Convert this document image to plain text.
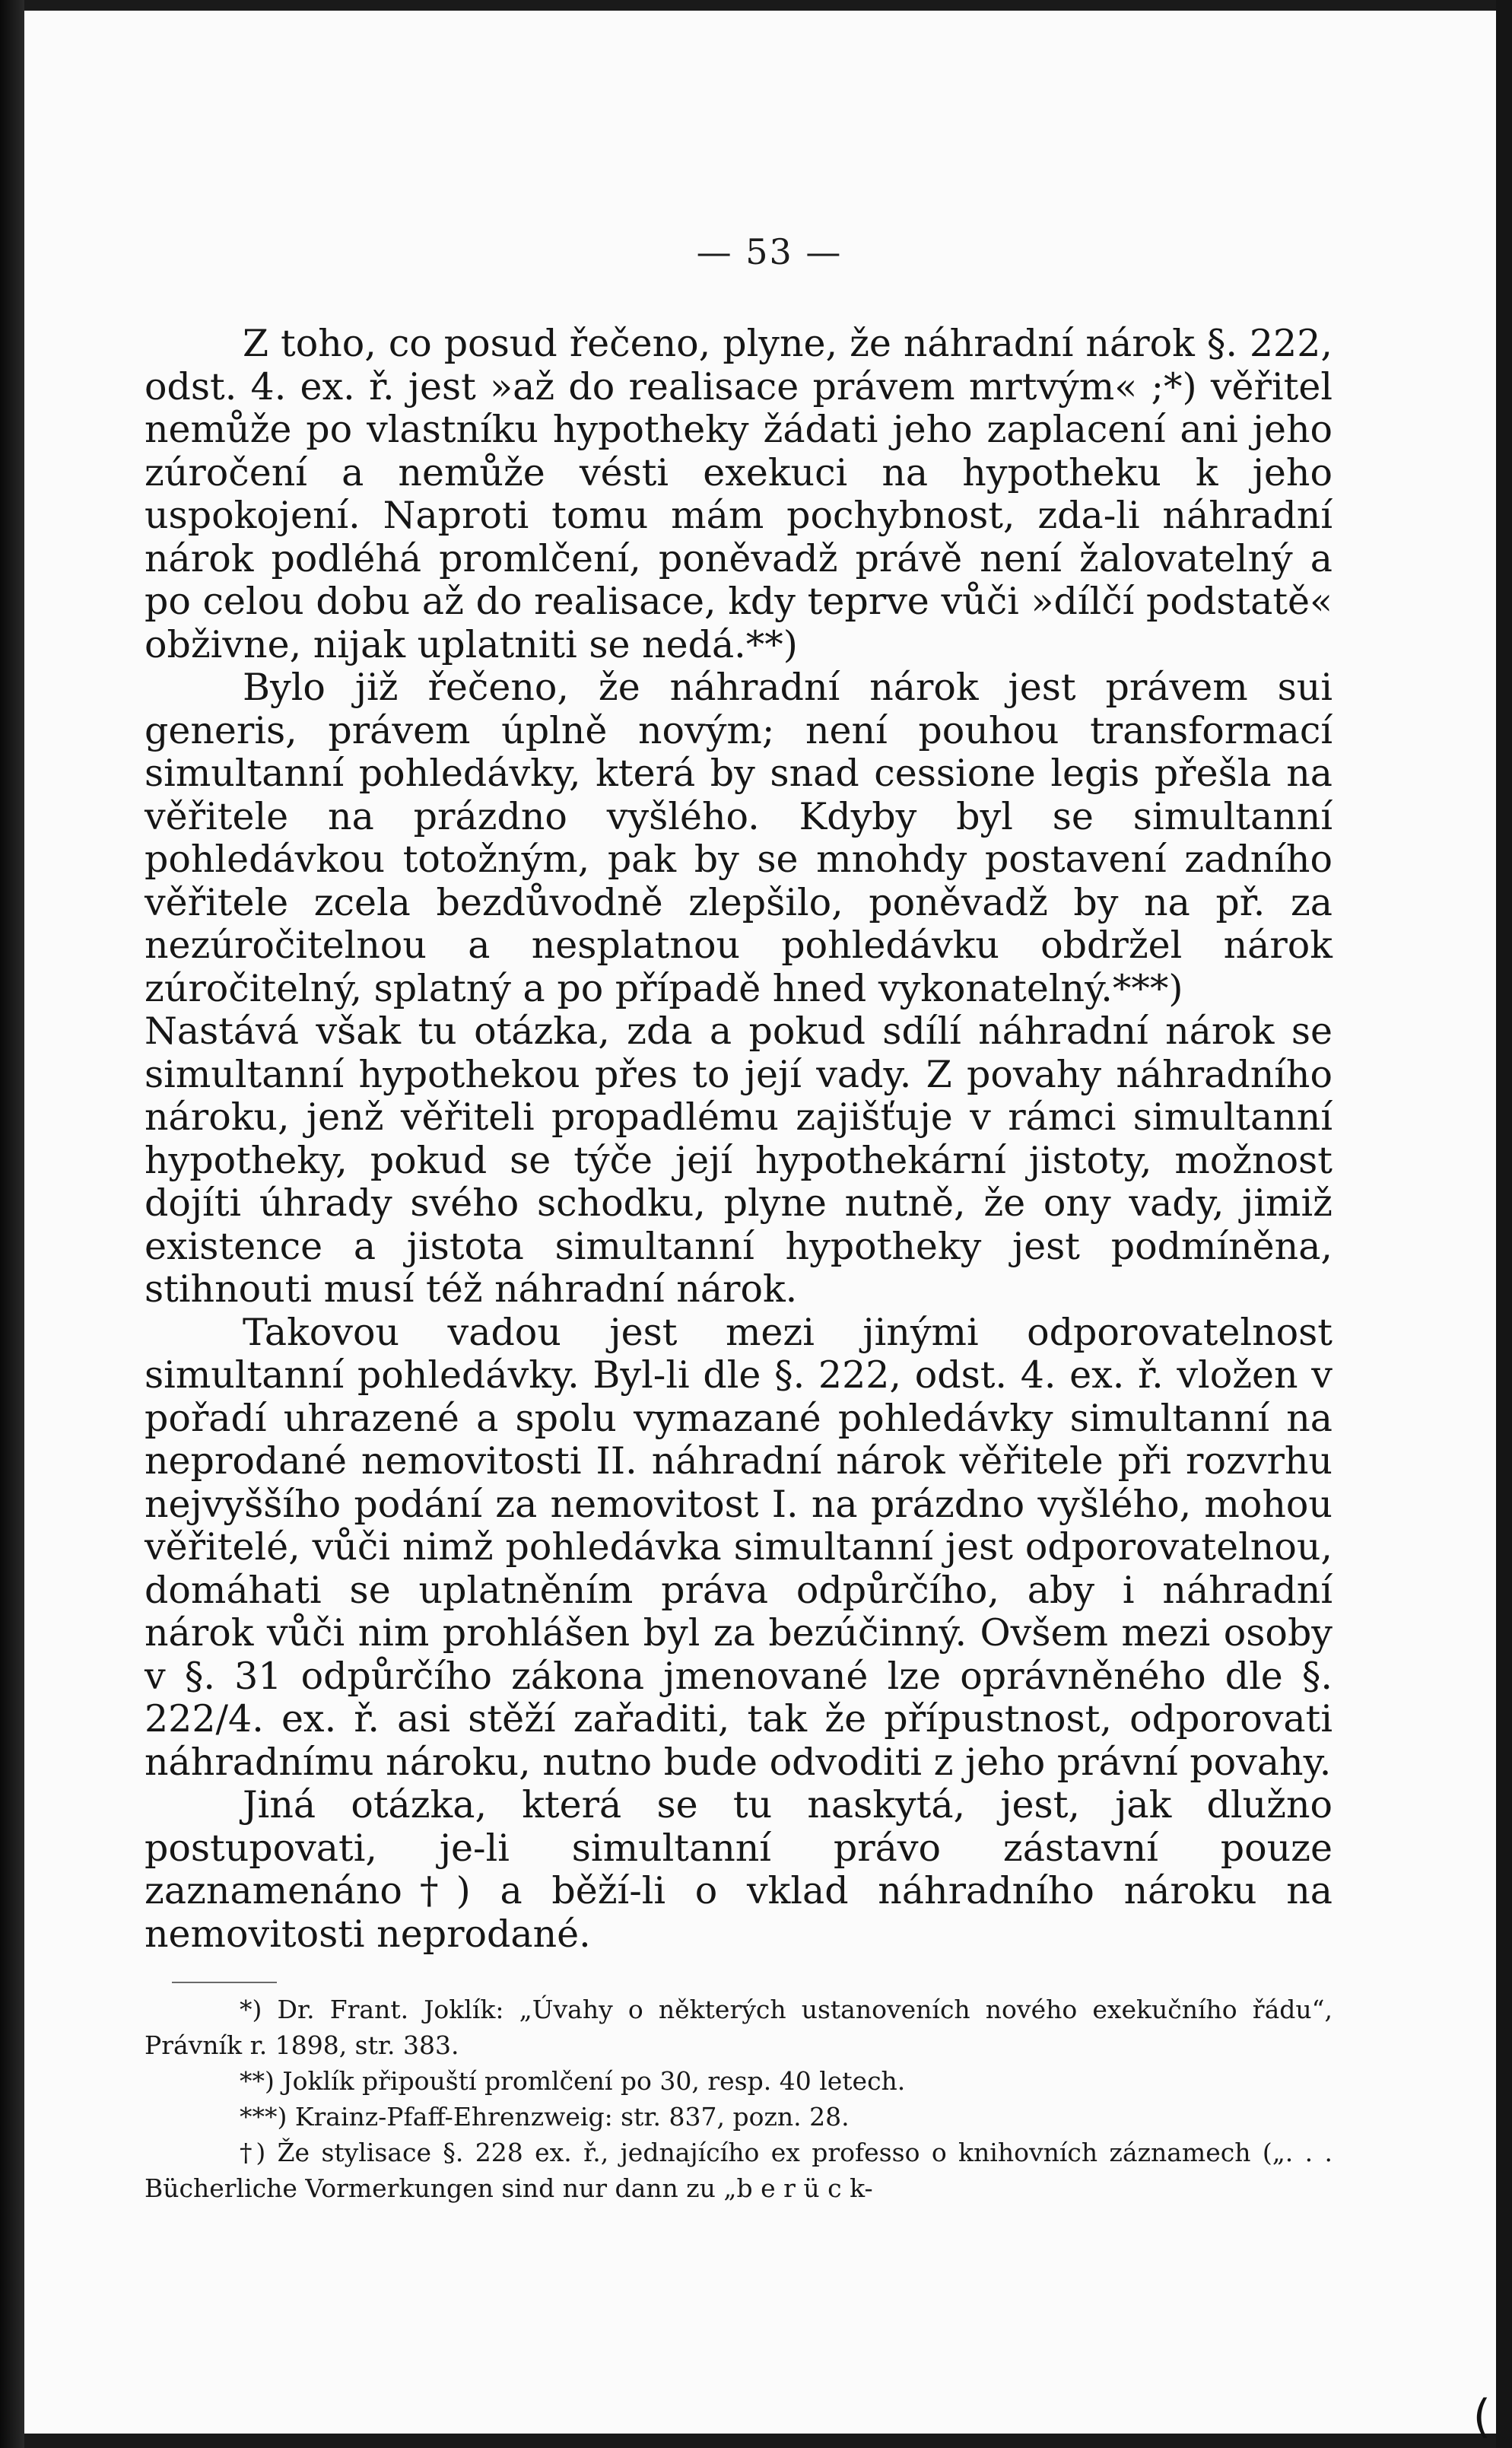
— 53 —

Z toho, co posud řečeno, plyne, že náhradní nárok §. 222, odst. 4. ex. ř. jest »až do realisace právem mrtvým« ;*) věřitel nemůže po vlastníku hypotheky žádati jeho zaplacení ani jeho zúročení a nemůže vésti exekuci na hypotheku k jeho uspokojení. Naproti tomu mám pochybnost, zda-li náhradní nárok podléhá promlčení, poněvadž právě není žalovatelný a po celou dobu až do realisace, kdy teprve vůči »dílčí podstatě« obživne, nijak uplatniti se nedá.**)

Bylo již řečeno, že náhradní nárok jest právem sui generis, právem úplně novým; není pouhou transformací simultanní pohledávky, která by snad cessione legis přešla na věřitele na prázdno vyšlého. Kdyby byl se simultanní pohledávkou totožným, pak by se mnohdy postavení zadního věřitele zcela bezdůvodně zlepšilo, poněvadž by na př. za nezúročitelnou a nesplatnou pohledávku obdržel nárok zúročitelný, splatný a po případě hned vykonatelný.***)

Nastává však tu otázka, zda a pokud sdílí náhradní nárok se simultanní hypothekou přes to její vady. Z povahy náhradního nároku, jenž věřiteli propadlému zajišťuje v rámci simultanní hypotheky, pokud se týče její hypothekární jistoty, možnost dojíti úhrady svého schodku, plyne nutně, že ony vady, jimiž existence a jistota simultanní hypotheky jest podmíněna, stihnouti musí též náhradní nárok.

Takovou vadou jest mezi jinými odporovatelnost simultanní pohledávky. Byl-li dle §. 222, odst. 4. ex. ř. vložen v pořadí uhrazené a spolu vymazané pohledávky simultanní na neprodané nemovitosti II. náhradní nárok věřitele při rozvrhu nejvyššího podání za nemovitost I. na prázdno vyšlého, mohou věřitelé, vůči nimž pohledávka simultanní jest odporovatelnou, domáhati se uplatněním práva odpůrčího, aby i náhradní nárok vůči nim prohlášen byl za bezúčinný. Ovšem mezi osoby v §. 31 odpůrčího zákona jmenované lze oprávněného dle §. 222/4. ex. ř. asi stěží zařaditi, tak že přípustnost, odporovati náhradnímu nároku, nutno bude odvoditi z jeho právní povahy.

Jiná otázka, která se tu naskytá, jest, jak dlužno postupovati, je-li simultanní právo zástavní pouze zaznamenáno†) a běží-li o vklad náhradního nároku na nemovitosti neprodané.

*) Dr. Frant. Joklík: „Úvahy o některých ustanoveních nového exekučního řádu“, Právník r. 1898, str. 383.

**) Joklík připouští promlčení po 30, resp. 40 letech.

***) Krainz-Pfaff-Ehrenzweig: str. 837, pozn. 28.

†) Že stylisace §. 228 ex. ř., jednajícího ex professo o knihovních záznamech („. . . Bücherliche Vormerkungen sind nur dann zu „b e r ü c k-

(
